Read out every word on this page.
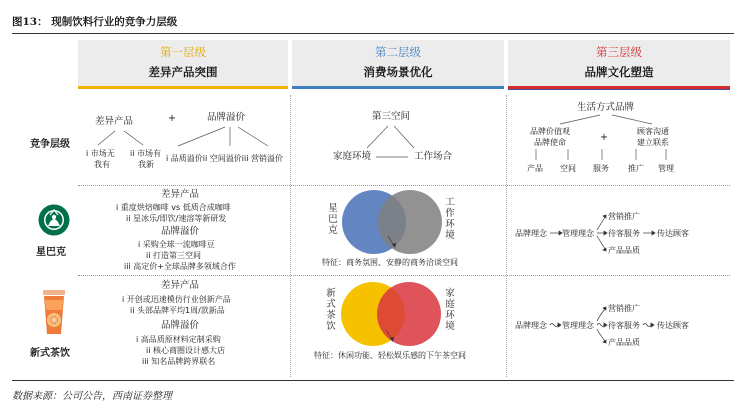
图13： 现制饮料行业的竞争力层级
第一层级
差异产品突围
第二层级
消费场景优化
第三层级
品牌文化塑造
竞争层级
星巴克
新式茶饮
差异产品	+	品牌溢价
i 市场无
我有
ii 市场有
我新
i 品质溢价ii 空间溢价iii 营销溢价
第三空间
家庭环境	工作场合
生活方式品牌
品牌价值观
品牌使命	+
顾客沟通
建立联系
产品 空间 服务 推广 管理
差异产品
i 重度烘焙咖啡 vs 低质合成咖啡
ii 星冰乐/即饮/速溶等新研发
品牌溢价
i 采购全球一流咖啡豆
ii 打造第三空间
iii 高定价+全球品牌多领域合作
星巴克
工作环境
特征：商务氛围、安静的商务洽谈空间
品牌理念 管理理念
营销推广
待客服务
产品品质
传达顾客
差异产品
i 开创或迅速模仿行业创新产品
ii 头部品牌平均1周/款新品
品牌溢价
i 高品质原材料定制采购
ii 核心商圈设计感大店
iii 知名品牌跨界联名
新式茶饮
家庭环境
特征：休闲功能、轻松娱乐感的下午茶空间
品牌理念 管理理念
营销推广
待客服务
产品品质
传达顾客
数据来源：公司公告，西南证券整理
